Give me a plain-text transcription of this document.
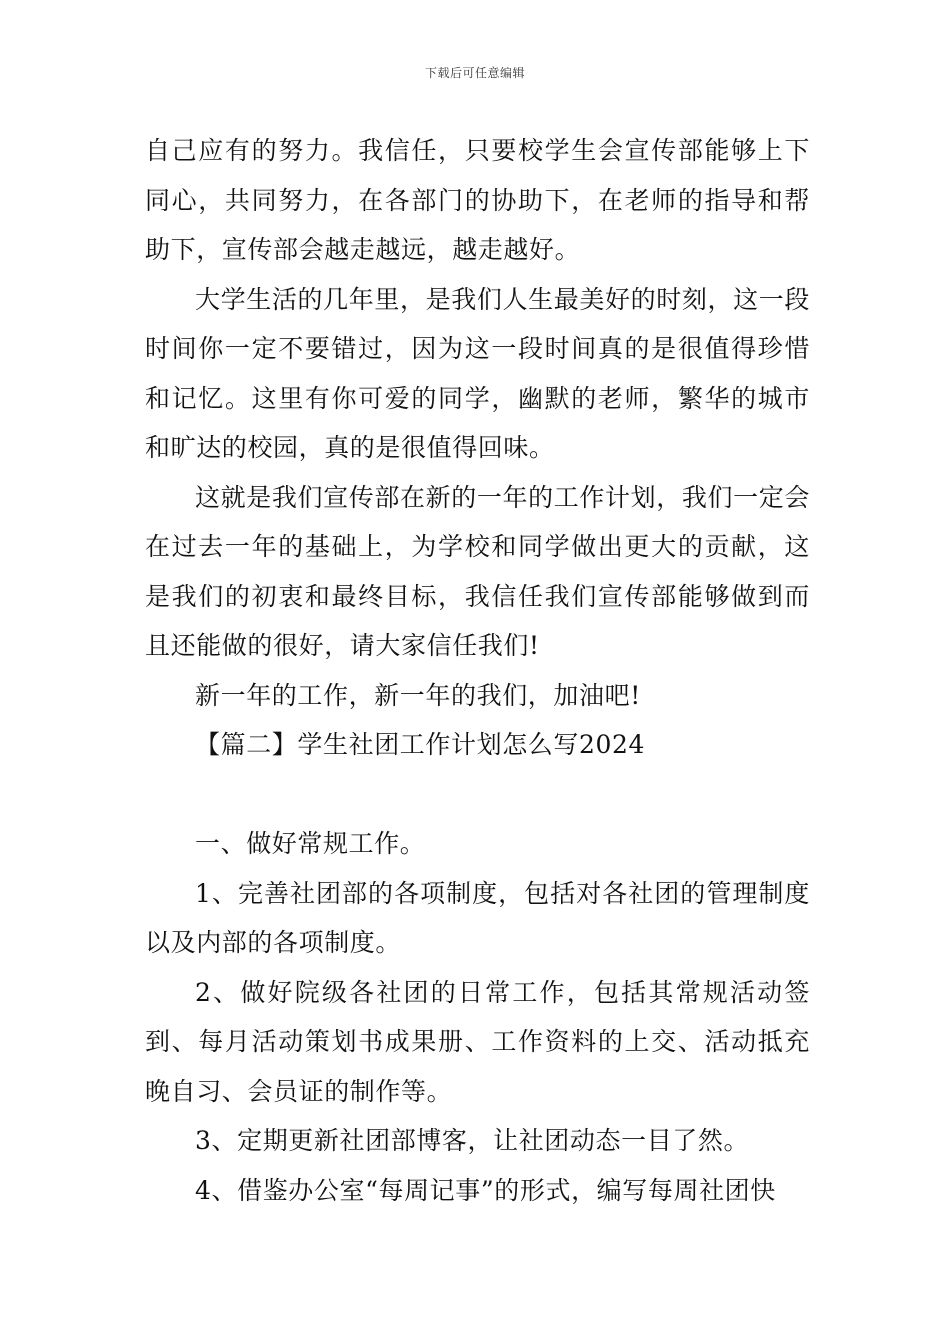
下载后可任意编辑

自己应有的努力。我信任，只要校学生会宣传部能够上下同心，共同努力，在各部门的协助下，在老师的指导和帮助下，宣传部会越走越远，越走越好。

大学生活的几年里，是我们人生最美好的时刻，这一段时间你一定不要错过，因为这一段时间真的是很值得珍惜和记忆。这里有你可爱的同学，幽默的老师，繁华的城市和旷达的校园，真的是很值得回味。

这就是我们宣传部在新的一年的工作计划，我们一定会在过去一年的基础上，为学校和同学做出更大的贡献，这是我们的初衷和最终目标，我信任我们宣传部能够做到而且还能做的很好，请大家信任我们!

新一年的工作，新一年的我们，加油吧!

【篇二】学生社团工作计划怎么写2024

一、做好常规工作。

1、完善社团部的各项制度，包括对各社团的管理制度以及内部的各项制度。

2、做好院级各社团的日常工作，包括其常规活动签到、每月活动策划书成果册、工作资料的上交、活动抵充晚自习、会员证的制作等。

3、定期更新社团部博客，让社团动态一目了然。

4、借鉴办公室“每周记事”的形式，编写每周社团快
